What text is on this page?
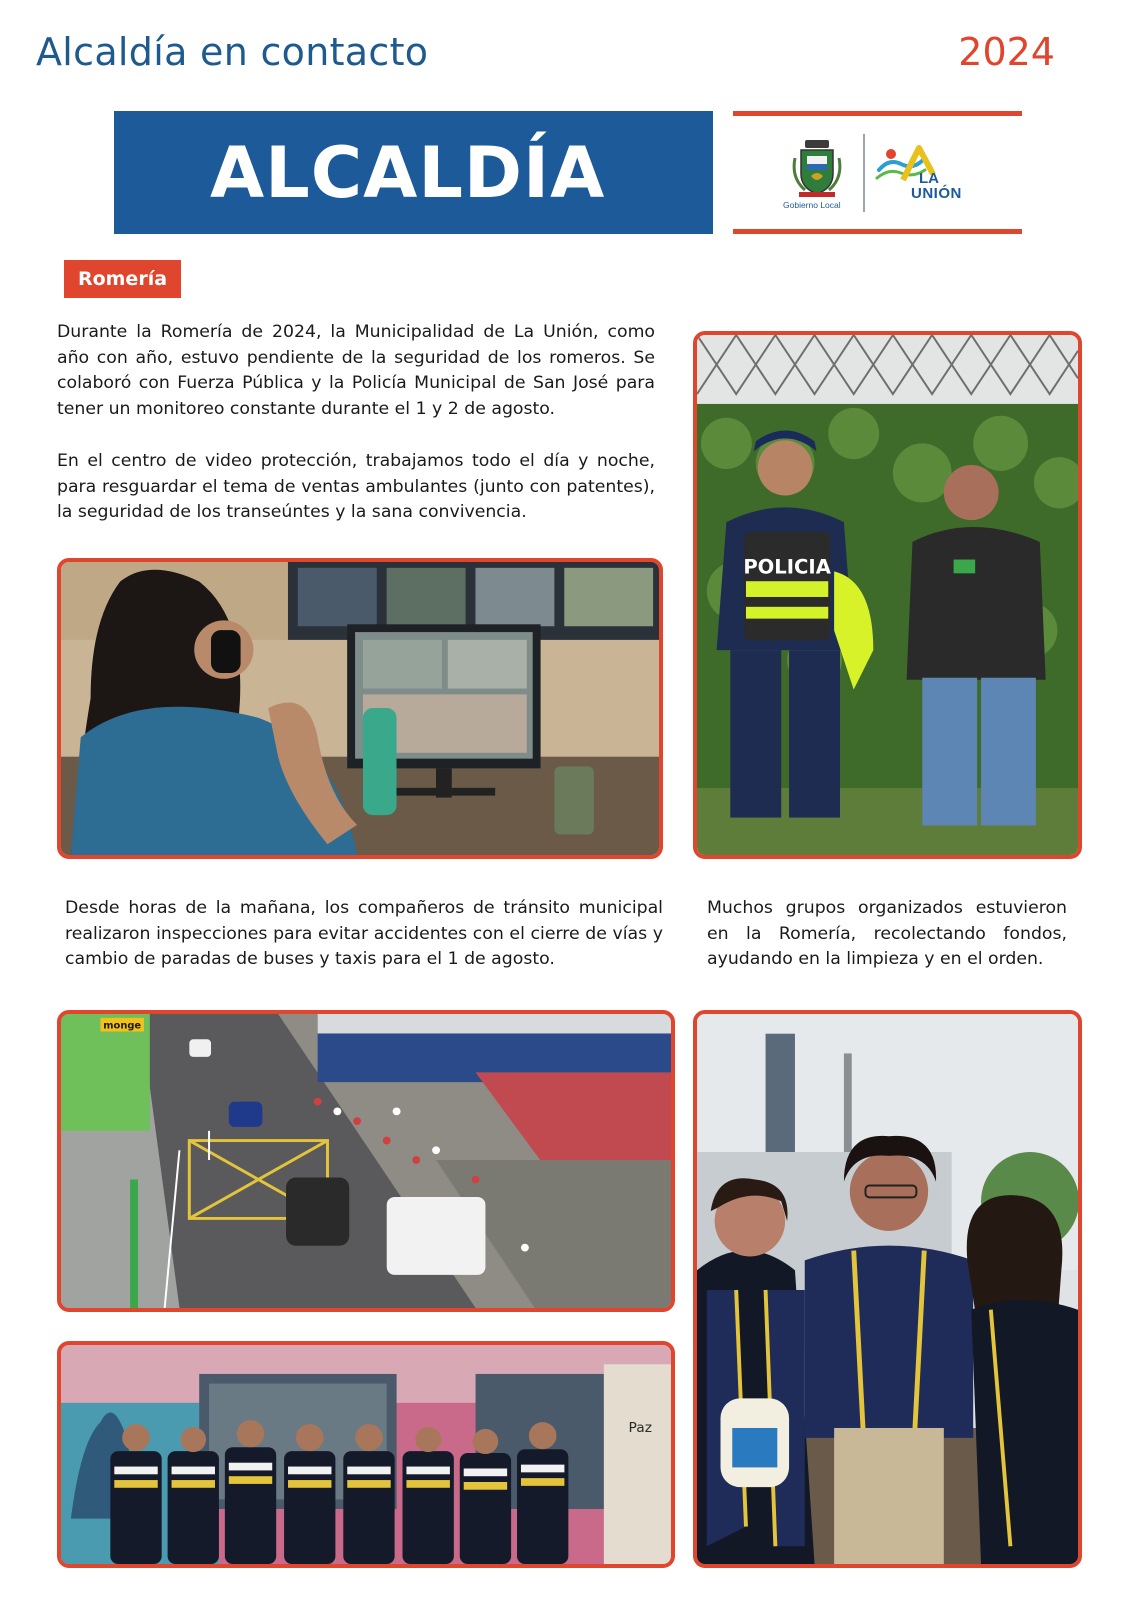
Alcaldía en contacto	2024
ALCALDÍA	Gobierno Local
LA
UNIÓN
Romería

Durante la Romería de 2024, la Municipalidad de La Unión, como año con año, estuvo pendiente de la seguridad de los romeros. Se colaboró con Fuerza Pública y la Policía Municipal de San José para tener un monitoreo constante durante el 1 y 2 de agosto.

En el centro de video protección, trabajamos todo el día y noche, para resguardar el tema de ventas ambulantes (junto con patentes), la seguridad de los transeúntes y la sana convivencia.

POLICIA

Desde horas de la mañana, los compañeros de tránsito municipal realizaron inspecciones para evitar accidentes con el cierre de vías y cambio de paradas de buses y taxis para el 1 de agosto.

Muchos grupos organizados estuvieron en la Romería, recolectando fondos, ayudando en la limpieza y en el orden.

monge
Paz
